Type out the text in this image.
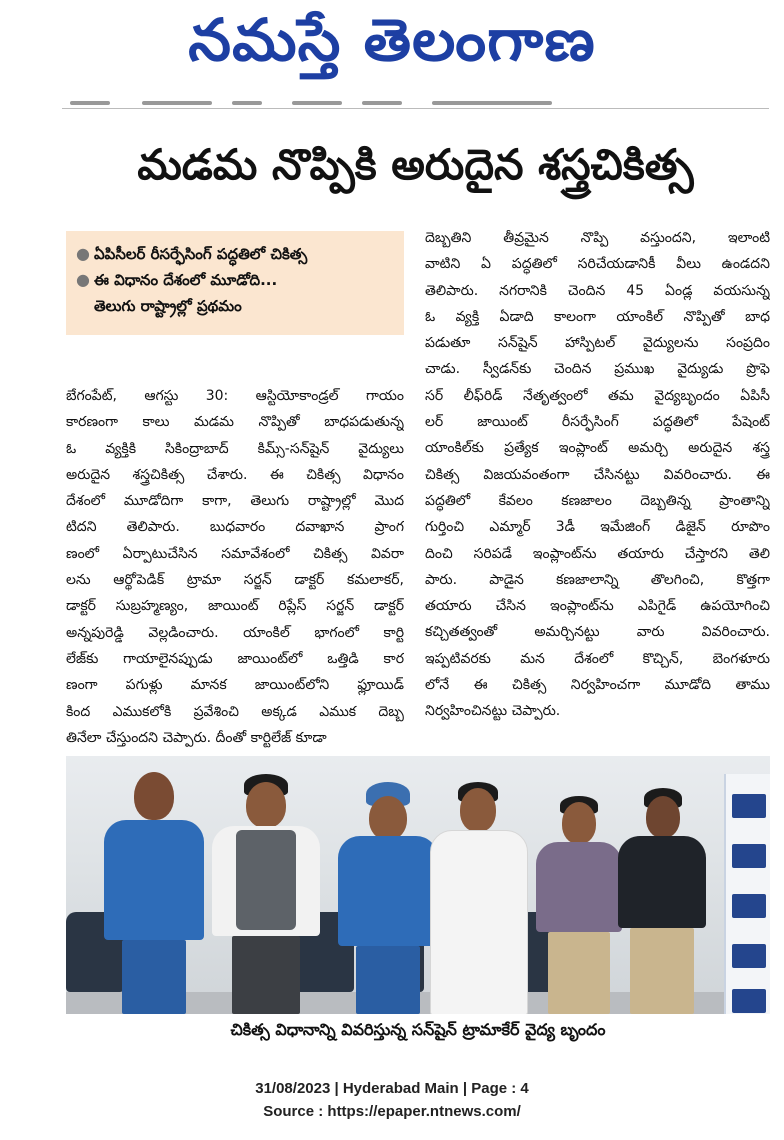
నమస్తే తెలంగాణ
మడమ నొప్పికి అరుదైన శస్త్రచికిత్స
● ఏపిసీలర్ రీసర్ఫేసింగ్ పద్ధతిలో చికిత్స
● ఈ విధానం దేశంలో మూడోది...
తెలుగు రాష్ట్రాల్లో ప్రథమం
బేగంపేట్, ఆగస్టు 30: ఆస్టియోకాండ్రల్ గాయం
కారణంగా కాలు మడమ నొప్పితో బాధపడుతున్న
ఓ వ్యక్తికి సికింద్రాబాద్ కిమ్స్-సన్‌షైన్ వైద్యులు
అరుదైన శస్త్రచికిత్స చేశారు. ఈ చికిత్స విధానం
దేశంలో మూడోదిగా కాగా, తెలుగు రాష్ట్రాల్లో మొద
టిదని తెలిపారు. బుధవారం దవాఖాన ప్రాంగ
ణంలో ఏర్పాటుచేసిన సమావేశంలో చికిత్స వివరా
లను ఆర్థోపెడిక్ ట్రామా సర్జన్ డాక్టర్ కమలాకర్,
డాక్టర్ సుబ్రహ్మణ్యం, జాయింట్ రిప్లేస్ సర్జన్ డాక్టర్
అన్నపురెడ్డి వెల్లడించారు. యాంకిల్ భాగంలో కార్టి
లేజ్‌కు గాయాలైనప్పుడు జాయింట్‌లో ఒత్తిడి కార
ణంగా పగుళ్లు మానక జాయింట్‌లోని ఫ్లూయిడ్
కింద ఎముకలోకి ప్రవేశించి అక్కడ ఎముక దెబ్బ
తినేలా చేస్తుందని చెప్పారు. దీంతో కార్టిలేజ్ కూడా
దెబ్బతిని తీవ్రమైన నొప్పి వస్తుందని, ఇలాంటి
వాటిని ఏ పద్ధతిలో సరిచేయడానికీ వీలు ఉండదని
తెలిపారు. నగరానికి చెందిన 45 ఏండ్ల వయసున్న
ఓ వ్యక్తి ఏడాది కాలంగా యాంకిల్ నొప్పితో బాధ
పడుతూ సన్‌షైన్ హాస్పిటల్ వైద్యులను సంప్రదిం
చాడు. స్వీడన్‌కు చెందిన ప్రముఖ వైద్యుడు ప్రొఫె
సర్ లీఫ్‌రిడ్ నేతృత్వంలో తమ వైద్యబృందం ఏపిసీ
లర్ జాయింట్ రీసర్ఫేసింగ్ పద్ధతిలో పేషెంట్
యాంకిల్‌కు ప్రత్యేక ఇంప్లాంట్ అమర్చి అరుదైన శస్త్ర
చికిత్స విజయవంతంగా చేసినట్టు వివరించారు. ఈ
పద్ధతిలో కేవలం కణజాలం దెబ్బతిన్న ప్రాంతాన్ని
గుర్తించి ఎమ్మార్ 3డీ ఇమేజింగ్ డిజైన్ రూపొం
దించి సరిపడే ఇంప్లాంట్‌ను తయారు చేస్తారని తెలి
పారు. పాడైన కణజాలాన్ని తొలగించి, కొత్తగా
తయారు చేసిన ఇంప్లాంట్‌ను ఎపిగైడ్ ఉపయోగించి
కచ్చితత్వంతో అమర్చినట్టు వారు వివరించారు.
ఇప్పటివరకు మన దేశంలో కొచ్చిన్, బెంగళూరు
లోనే ఈ చికిత్స నిర్వహించగా మూడోది తాము
నిర్వహించినట్టు చెప్పారు.
చికిత్స విధానాన్ని వివరిస్తున్న సన్‌షైన్ ట్రామాకేర్ వైద్య బృందం
31/08/2023 | Hyderabad Main | Page : 4
Source : https://epaper.ntnews.com/
